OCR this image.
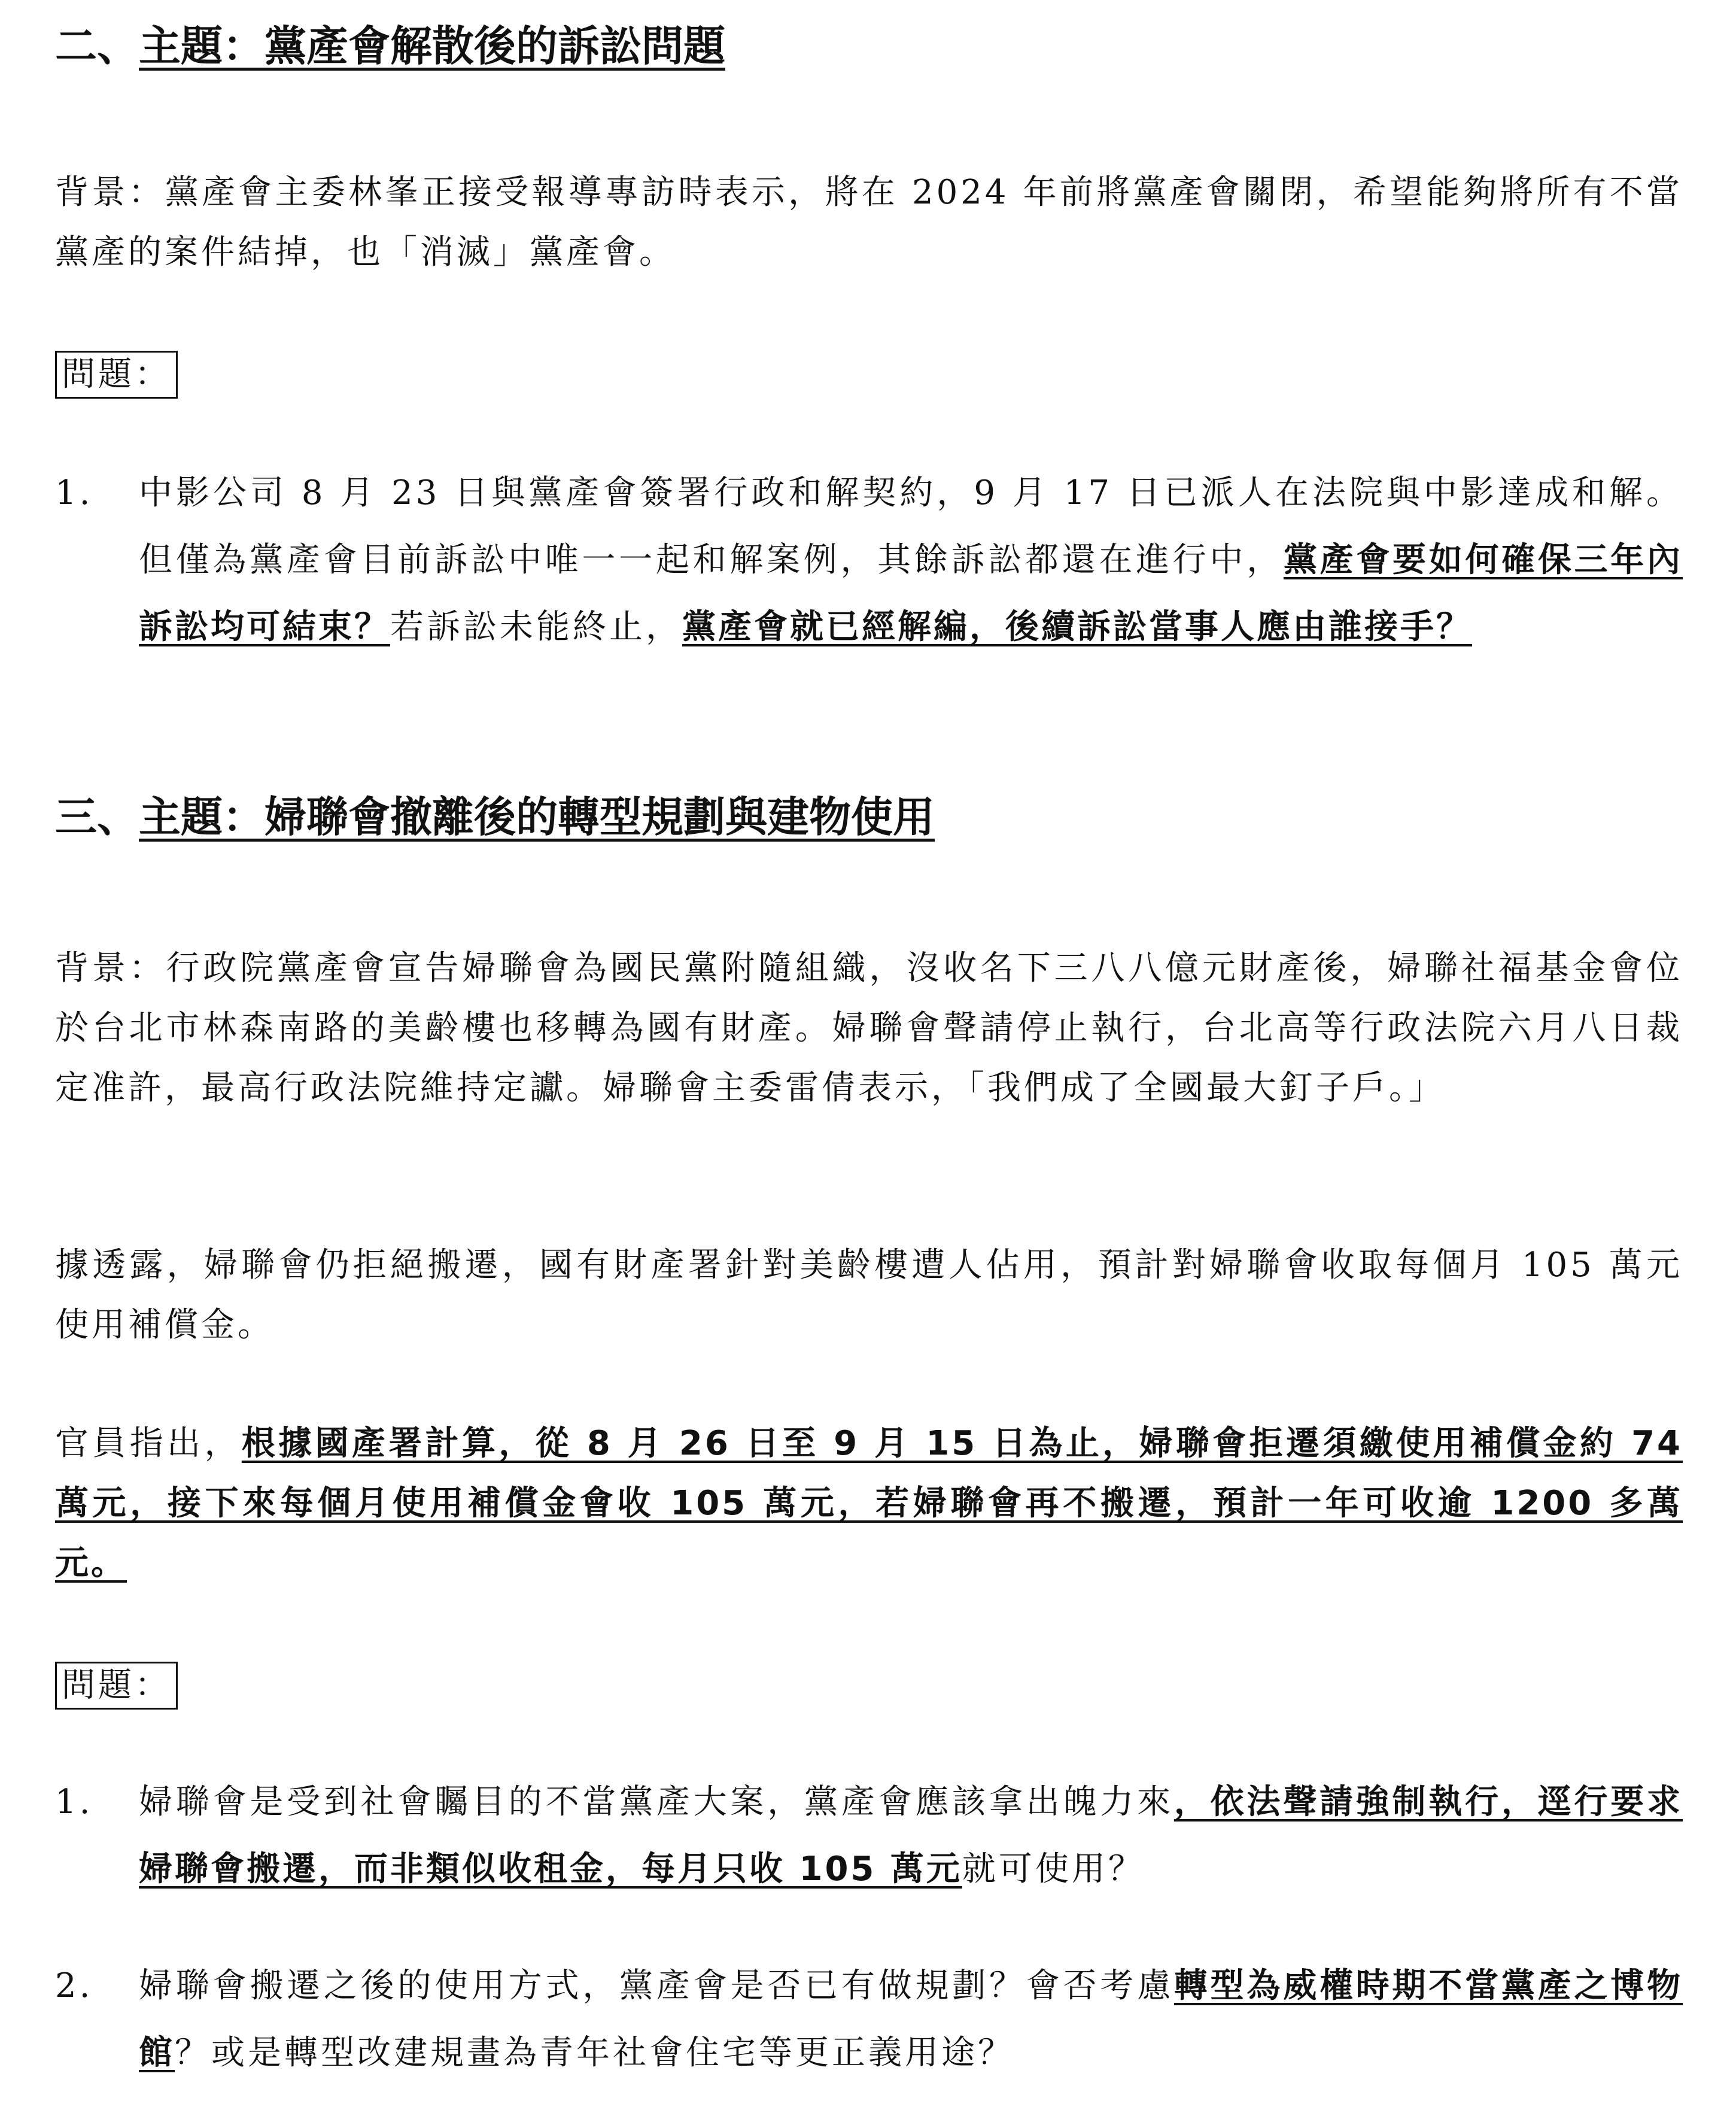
二、主題：黨產會解散後的訴訟問題
背景：黨產會主委林峯正接受報導專訪時表示，將在 2024 年前將黨產會關閉，希望能夠將所有不當黨產的案件結掉，也「消滅」黨產會。
問題：
1.	中影公司 8 月 23 日與黨產會簽署行政和解契約，9 月 17 日已派人在法院與中影達成和解。但僅為黨產會目前訴訟中唯一一起和解案例，其餘訴訟都還在進行中，黨產會要如何確保三年內訴訟均可結束？若訴訟未能終止，黨產會就已經解編，後續訴訟當事人應由誰接手？
三、主題：婦聯會撤離後的轉型規劃與建物使用
背景：行政院黨產會宣告婦聯會為國民黨附隨組織，沒收名下三八八億元財產後，婦聯社福基金會位於台北市林森南路的美齡樓也移轉為國有財產。婦聯會聲請停止執行，台北高等行政法院六月八日裁定准許，最高行政法院維持定讞。婦聯會主委雷倩表示，「我們成了全國最大釘子戶。」
據透露，婦聯會仍拒絕搬遷，國有財產署針對美齡樓遭人佔用，預計對婦聯會收取每個月 105 萬元使用補償金。
官員指出，根據國產署計算，從 8 月 26 日至 9 月 15 日為止，婦聯會拒遷須繳使用補償金約 74 萬元，接下來每個月使用補償金會收 105 萬元，若婦聯會再不搬遷，預計一年可收逾 1200 多萬元。
問題：
1.	婦聯會是受到社會矚目的不當黨產大案，黨產會應該拿出魄力來，依法聲請強制執行，逕行要求婦聯會搬遷，而非類似收租金，每月只收 105 萬元就可使用？
2.	婦聯會搬遷之後的使用方式，黨產會是否已有做規劃？會否考慮轉型為威權時期不當黨產之博物館？或是轉型改建規畫為青年社會住宅等更正義用途？
